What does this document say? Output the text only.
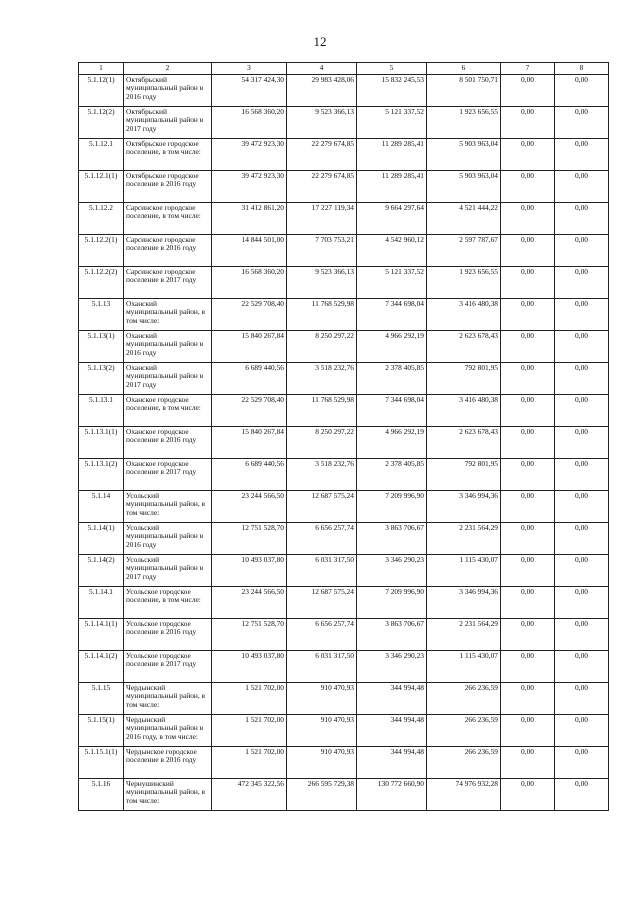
12
1	2	3	4	5	6	7	8
5.1.12(1)	Октябрьский муниципальный район в 2016 году	54 317 424,30	29 983 428,06	15 832 245,53	8 501 750,71	0,00	0,00
5.1.12(2)	Октябрьский муниципальный район в 2017 году	16 568 360,20	9 523 366,13	5 121 337,52	1 923 656,55	0,00	0,00
5.1.12.1	Октябрьское городское поселение, в том числе:	39 472 923,30	22 279 674,85	11 289 285,41	5 903 963,04	0,00	0,00
5.1.12.1(1)	Октябрьское городское поселение в 2016 году	39 472 923,30	22 279 674,85	11 289 285,41	5 903 963,04	0,00	0,00
5.1.12.2	Сарсинское городское поселение, в том числе:	31 412 861,20	17 227 119,34	9 664 297,64	4 521 444,22	0,00	0,00
5.1.12.2(1)	Сарсинское городское поселение в 2016 году	14 844 501,00	7 703 753,21	4 542 960,12	2 597 787,67	0,00	0,00
5.1.12.2(2)	Сарсинское городское поселение в 2017 году	16 568 360,20	9 523 366,13	5 121 337,52	1 923 656,55	0,00	0,00
5.1.13	Оханский муниципальный район, в том числе:	22 529 708,40	11 768 529,98	7 344 698,04	3 416 480,38	0,00	0,00
5.1.13(1)	Оханский муниципальный район в 2016 году	15 840 267,84	8 250 297,22	4 966 292,19	2 623 678,43	0,00	0,00
5.1.13(2)	Оханский муниципальный район в 2017 году	6 689 440,56	3 518 232,76	2 378 405,85	792 801,95	0,00	0,00
5.1.13.1	Оханское городское поселение, в том числе:	22 529 708,40	11 768 529,98	7 344 698,04	3 416 480,38	0,00	0,00
5.1.13.1(1)	Оханское городское поселение в 2016 году	15 840 267,84	8 250 297,22	4 966 292,19	2 623 678,43	0,00	0,00
5.1.13.1(2)	Оханское городское поселение в 2017 году	6 689 440,56	3 518 232,76	2 378 405,85	792 801,95	0,00	0,00
5.1.14	Усольский муниципальный район, в том числе:	23 244 566,50	12 687 575,24	7 209 996,90	3 346 994,36	0,00	0,00
5.1.14(1)	Усольский муниципальный район в 2016 году	12 751 528,70	6 656 257,74	3 863 706,67	2 231 564,29	0,00	0,00
5.1.14(2)	Усольский муниципальный район в 2017 году	10 493 037,80	6 031 317,50	3 346 290,23	1 115 430,07	0,00	0,00
5.1.14.1	Усольское городское поселение, в том числе:	23 244 566,50	12 687 575,24	7 209 996,90	3 346 994,36	0,00	0,00
5.1.14.1(1)	Усольское городское поселение в 2016 году	12 751 528,70	6 656 257,74	3 863 706,67	2 231 564,29	0,00	0,00
5.1.14.1(2)	Усольское городское поселение в 2017 году	10 493 037,80	6 031 317,50	3 346 290,23	1 115 430,07	0,00	0,00
5.1.15	Чердынский муниципальный район, в том числе:	1 521 702,00	910 470,93	344 994,48	266 236,59	0,00	0,00
5.1.15(1)	Чердынский муниципальный район в 2016 году, в том числе:	1 521 702,00	910 470,93	344 994,48	266 236,59	0,00	0,00
5.1.15.1(1)	Чердынское городское поселение в 2016 году	1 521 702,00	910 470,93	344 994,48	266 236,59	0,00	0,00
5.1.16	Чернушинский муниципальный район, в том числе:	472 345 322,56	266 595 729,38	130 772 660,90	74 976 932,28	0,00	0,00
